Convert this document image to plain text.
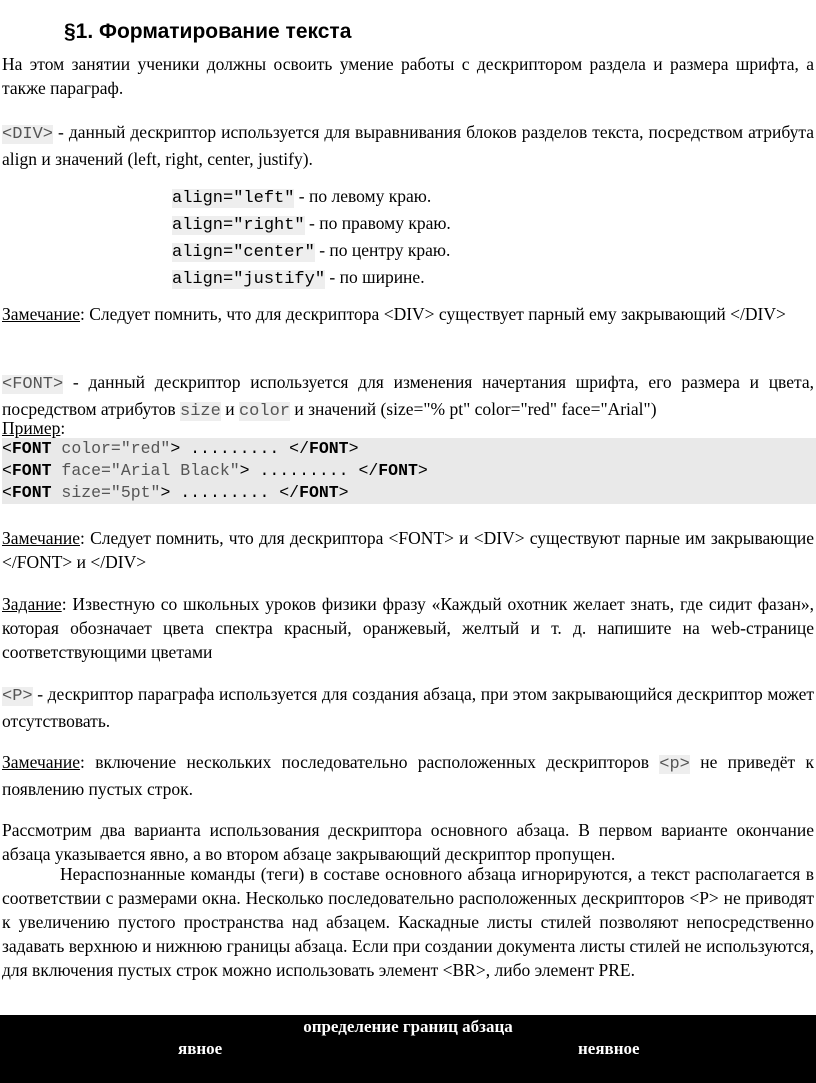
§1. Форматирование текста
На этом занятии ученики должны освоить умение работы с дескриптором раздела и размера шрифта, а также параграф.
<DIV> - данный дескриптор используется для выравнивания блоков разделов текста, посредством атрибута align и значений (left, right, center, justify).
align="left" - по левому краю.
align="right" - по правому краю.
align="center" - по центру краю.
align="justify" - по ширине.
Замечание: Следует помнить, что для дескриптора <DIV> существует парный ему закрывающий </DIV>
<FONT> - данный дескриптор используется для изменения начертания шрифта, его размера и цвета, посредством атрибутов size и color и значений (size="% pt" color="red" face="Arial")
Пример:
<FONT color="red"> ......... </FONT>
<FONT face="Arial Black"> ......... </FONT>
<FONT size="5pt"> ......... </FONT>
Замечание: Следует помнить, что для дескриптора <FONT> и <DIV> существуют парные им закрывающие </FONT> и </DIV>
Задание: Известную со школьных уроков физики фразу «Каждый охотник желает знать, где сидит фазан», которая обозначает цвета спектра красный, оранжевый, желтый и т. д. напишите на web-странице соответствующими цветами
<P> - дескриптор параграфа используется для создания абзаца, при этом закрывающийся дескриптор может отсутствовать.
Замечание: включение нескольких последовательно расположенных дескрипторов <p> не приведёт к появлению пустых строк.
Рассмотрим два варианта использования дескриптора основного абзаца. В первом варианте окончание абзаца указывается явно, а во втором абзаце закрывающий дескриптор пропущен.
Нераспознанные команды (теги) в составе основного абзаца игнорируются, а текст располагается в соответствии с размерами окна. Несколько последовательно расположенных дескрипторов <P> не приводят к увеличению пустого пространства над абзацем. Каскадные листы стилей позволяют непосредственно задавать верхнюю и нижнюю границы абзаца. Если при создании документа листы стилей не используются, для включения пустых строк можно использовать элемент <BR>, либо элемент PRE.
определение границ абзаца
явное	неявное
